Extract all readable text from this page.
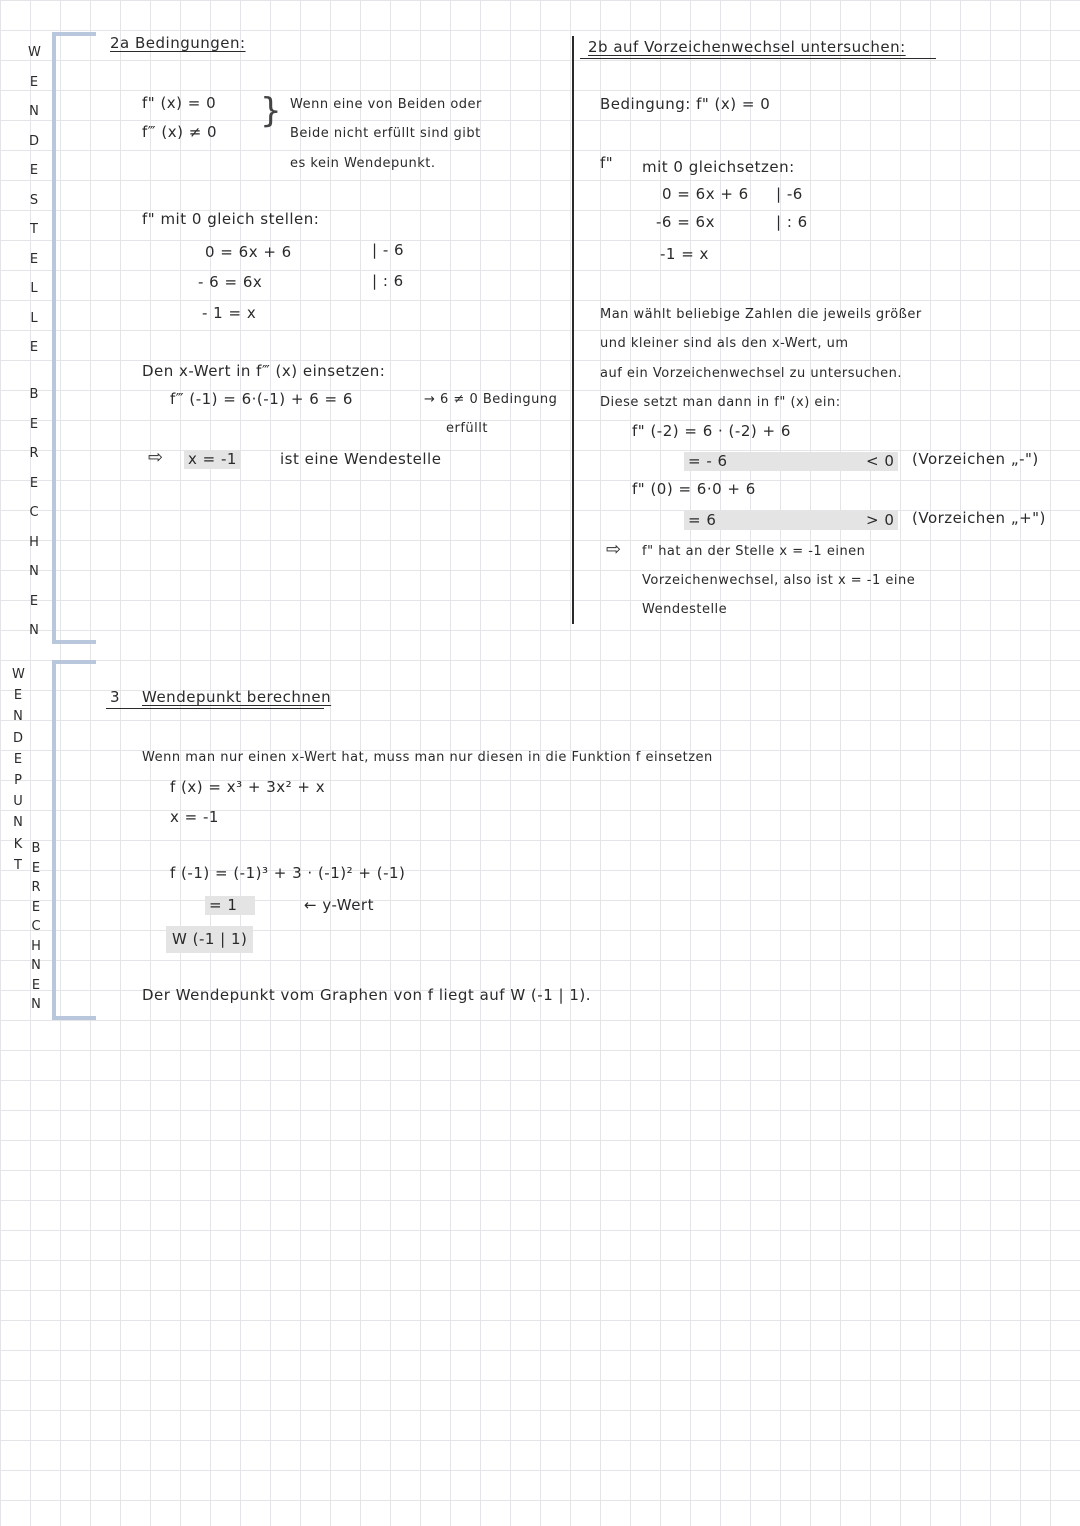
W
E
N
D
E
S
T
E
L
L
E
B
E
R
E
C
H
N
E
N
W
E
N
D
E
P
U
N
K
T
B
E
R
E
C
H
N
E
N
2a Bedingungen:
f" (x) = 0
f‴ (x) ≠ 0
} Wenn eine von Beiden oder
Beide nicht erfüllt sind gibt
es kein Wendepunkt.
f" mit 0 gleich stellen:
0 = 6x + 6	| - 6
- 6 = 6x	| : 6
- 1 = x
Den x-Wert in f‴ (x) einsetzen:
f‴ (-1) = 6·(-1) + 6 = 6	→ 6 ≠ 0 Bedingung
erfüllt
⇨ x = -1	ist eine Wendestelle
2b auf Vorzeichenwechsel untersuchen:
Bedingung: f" (x) = 0
f" mit 0 gleichsetzen:
0 = 6x + 6 | -6
-6 = 6x	| : 6
-1 = x
Man wählt beliebige Zahlen die jeweils größer
und kleiner sind als den x-Wert, um
auf ein Vorzeichenwechsel zu untersuchen.
Diese setzt man dann in f" (x) ein:
f" (-2) = 6 · (-2) + 6
= - 6	< 0 (Vorzeichen „-")
f" (0) = 6·0 + 6
= 6	> 0 (Vorzeichen „+")
⇨ f" hat an der Stelle x = -1 einen
Vorzeichenwechsel, also ist x = -1 eine
Wendestelle
3 Wendepunkt berechnen
Wenn man nur einen x-Wert hat, muss man nur diesen in die Funktion f einsetzen
f (x) = x³ + 3x² + x
x = -1
f (-1) = (-1)³ + 3 · (-1)² + (-1)
= 1	← y-Wert
W (-1 | 1)
Der Wendepunkt vom Graphen von f liegt auf W (-1 | 1).
